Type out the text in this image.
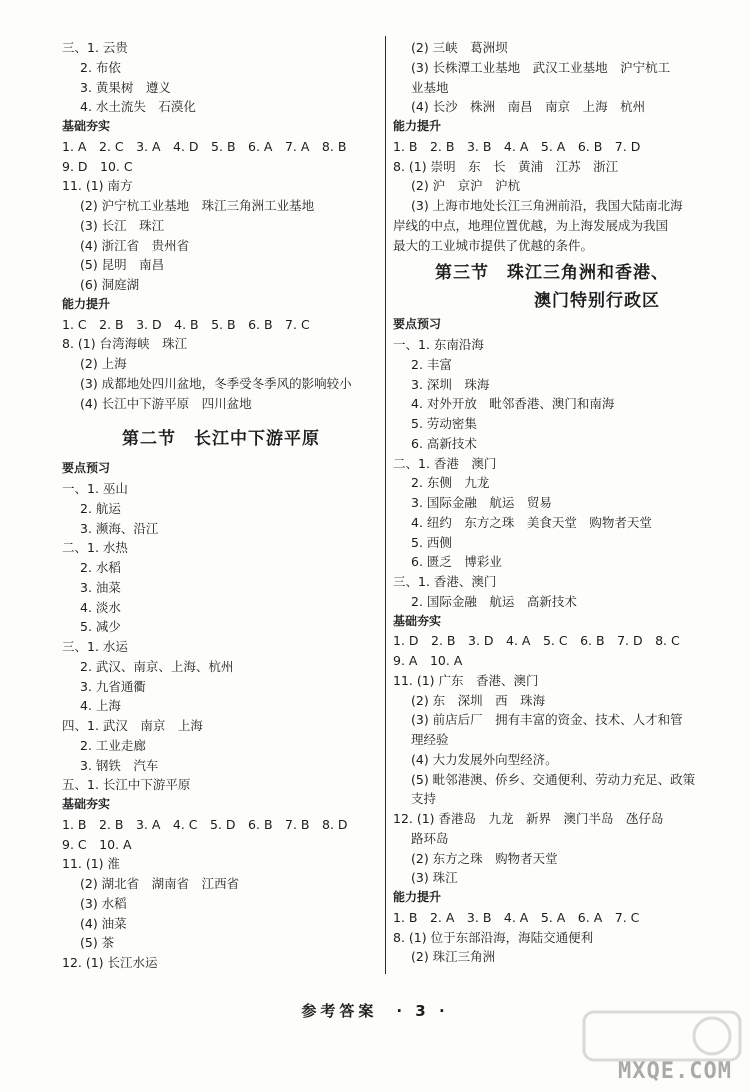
三、1. 云贵
2. 布依
3. 黄果树　遵义
4. 水土流失　石漠化
基础夯实
1. A　2. C　3. A　4. D　5. B　6. A　7. A　8. B
9. D　10. C
11. (1) 南方
(2) 沪宁杭工业基地　珠江三角洲工业基地
(3) 长江　珠江
(4) 浙江省　贵州省
(5) 昆明　南昌
(6) 洞庭湖
能力提升
1. C　2. B　3. D　4. B　5. B　6. B　7. C
8. (1) 台湾海峡　珠江
(2) 上海
(3) 成都地处四川盆地，冬季受冬季风的影响较小
(4) 长江中下游平原　四川盆地
第二节　长江中下游平原
要点预习
一、1. 巫山
2. 航运
3. 濒海、沿江
二、1. 水热
2. 水稻
3. 油菜
4. 淡水
5. 减少
三、1. 水运
2. 武汉、南京、上海、杭州
3. 九省通衢
4. 上海
四、1. 武汉　南京　上海
2. 工业走廊
3. 钢铁　汽车
五、1. 长江中下游平原
基础夯实
1. B　2. B　3. A　4. C　5. D　6. B　7. B　8. D
9. C　10. A
11. (1) 淮
(2) 湖北省　湖南省　江西省
(3) 水稻
(4) 油菜
(5) 茶
12. (1) 长江水运
(2) 三峡　葛洲坝
(3) 长株潭工业基地　武汉工业基地　沪宁杭工
业基地
(4) 长沙　株洲　南昌　南京　上海　杭州
能力提升
1. B　2. B　3. B　4. A　5. A　6. B　7. D
8. (1) 崇明　东　长　黄浦　江苏　浙江
(2) 沪　京沪　沪杭
(3) 上海市地处长江三角洲前沿，我国大陆南北海
岸线的中点，地理位置优越，为上海发展成为我国
最大的工业城市提供了优越的条件。
第三节　珠江三角洲和香港、
澳门特别行政区
要点预习
一、1. 东南沿海
2. 丰富
3. 深圳　珠海
4. 对外开放　毗邻香港、澳门和南海
5. 劳动密集
6. 高新技术
二、1. 香港　澳门
2. 东侧　九龙
3. 国际金融　航运　贸易
4. 纽约　东方之珠　美食天堂　购物者天堂
5. 西侧
6. 匮乏　博彩业
三、1. 香港、澳门
2. 国际金融　航运　高新技术
基础夯实
1. D　2. B　3. D　4. A　5. C　6. B　7. D　8. C
9. A　10. A
11. (1) 广东　香港、澳门
(2) 东　深圳　西　珠海
(3) 前店后厂　拥有丰富的资金、技术、人才和管
理经验
(4) 大力发展外向型经济。
(5) 毗邻港澳、侨乡、交通便利、劳动力充足、政策
支持
12. (1) 香港岛　九龙　新界　澳门半岛　氹仔岛
路环岛
(2) 东方之珠　购物者天堂
(3) 珠江
能力提升
1. B　2. A　3. B　4. A　5. A　6. A　7. C
8. (1) 位于东部沿海，海陆交通便利
(2) 珠江三角洲
参考答案　· 3 ·
MXQE.COM
